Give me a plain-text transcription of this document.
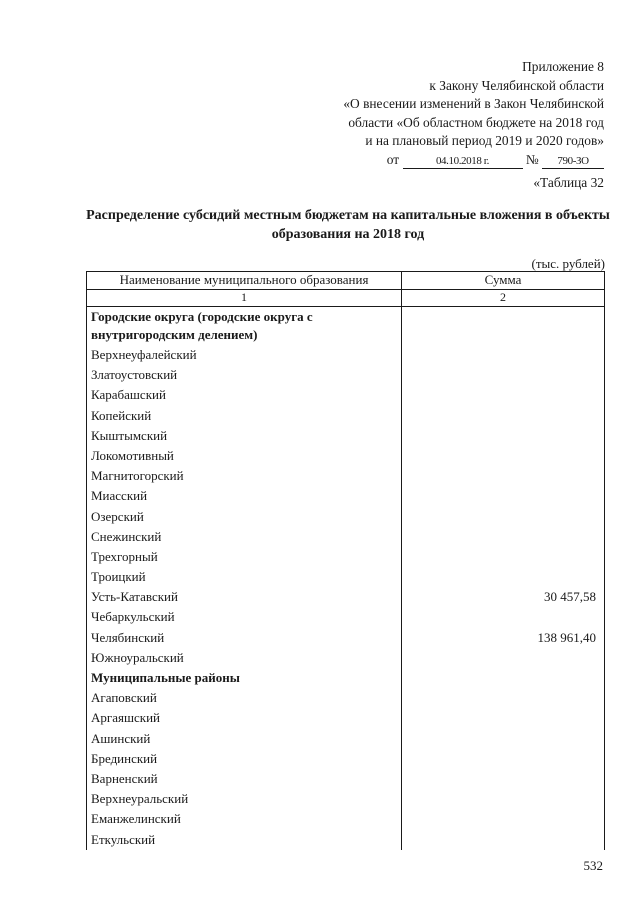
Приложение 8
к Закону Челябинской области
«О внесении изменений в Закон Челябинской
области «Об областном бюджете на 2018 год
и на плановый период 2019 и 2020 годов»
от	04.10.2018 г.	№ 790-ЗО
«Таблица 32
Распределение субсидий местным бюджетам на капитальные вложения в объекты образования на 2018 год
(тыс. рублей)
Наименование муниципального образования	Сумма
1	2
Городские округа (городские округа с внутригородским делением)
Верхнеуфалейский
Златоустовский
Карабашский
Копейский
Кыштымский
Локомотивный
Магнитогорский
Миасский
Озерский
Снежинский
Трехгорный
Троицкий
Усть-Катавский	30 457,58
Чебаркульский
Челябинский	138 961,40
Южноуральский
Муниципальные районы
Агаповский
Аргаяшский
Ашинский
Брединский
Варненский
Верхнеуральский
Еманжелинский
Еткульский
532
